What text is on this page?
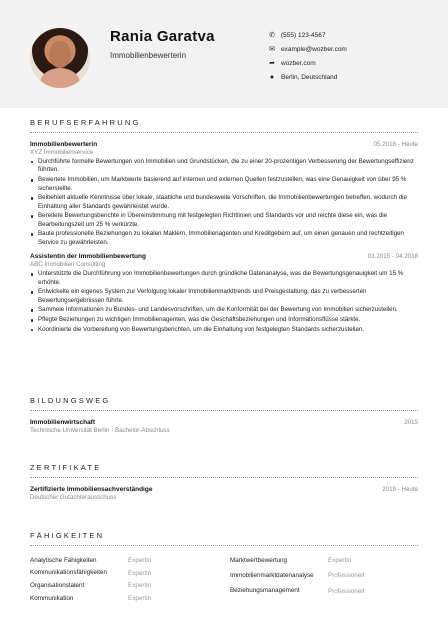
Rania Garatva
Immobilienbewerterin
✆ (555) 123-4567
✉ example@wozber.com
➦ wozber.com
● Berlin, Deutschland
BERUFSERFAHRUNG
Immobilienbewerterin	05.2018 - Heute
XYZ Immobilienservice
Durchführte formelle Bewertungen von Immobilien und Grundstücken, die zu einer 20-prozentigen Verbesserung der Bewertungseffizienz führten.
Bewertete Immobilien, um Marktwerte basierend auf internen und externen Quellen festzustellen, was eine Genauigkeit von über 95 % sicherstellte.
Beibehielt aktuelle Kenntnisse über lokale, staatliche und bundesweite Vorschriften, die Immobilienbewertungen betreffen, wodurch die Einhaltung aller Standards gewährleistet wurde.
Bereitete Bewertungsberichte in Übereinstimmung mit festgelegten Richtlinien und Standards vor und reichte diese ein, was die Bearbeitungszeit um 25 % verkürzte.
Baute professionelle Beziehungen zu lokalen Maklern, Immobilienagenten und Kreditgebern auf, um einen genauen und rechtzeitigen Service zu gewährleisten.
Assistentin der Immobilienbewertung	03.2015 - 04.2018
ABC Immobilien Consulting
Unterstützte die Durchführung von Immobilienbewertungen durch gründliche Datenanalyse, was die Bewertungsgenauigkeit um 15 % erhöhte.
Entwickelte ein eigenes System zur Verfolgung lokaler Immobilienmarkttrends und Preisgestaltung, das zu verbesserten Bewertungsergebnissen führte.
Sammele Informationen zu Bundes- und Landesvorschriften, um die Konformität bei der Bewertung von Immobilien sicherzustellen.
Pflegte Beziehungen zu wichtigen Immobilienagenten, was die Geschäftsbeziehungen und Informationsflüsse stärkte.
Koordinierte die Vorbereitung von Bewertungsberichten, um die Einhaltung von festgelegten Standards sicherzustellen.
BILDUNGSWEG
Immobilienwirtschaft	2015
Technische Universität Berlin - Bachelor-Abschluss
ZERTIFIKATE
Zertifizierte Immobiliensachverständige	2019 - Heute
Deutscher Gutachterausschuss
FÄHIGKEITEN
Analytische Fähigkeiten	Expertin
Kommunikationsfähigkeiten	Expertin
Organisationstalent	Expertin
Kommunikation	Expertin
Marktwertbewertung	Expertin
Immobilienmarktdatenanalyse	Professionell
Beziehungsmanagement	Professionell
